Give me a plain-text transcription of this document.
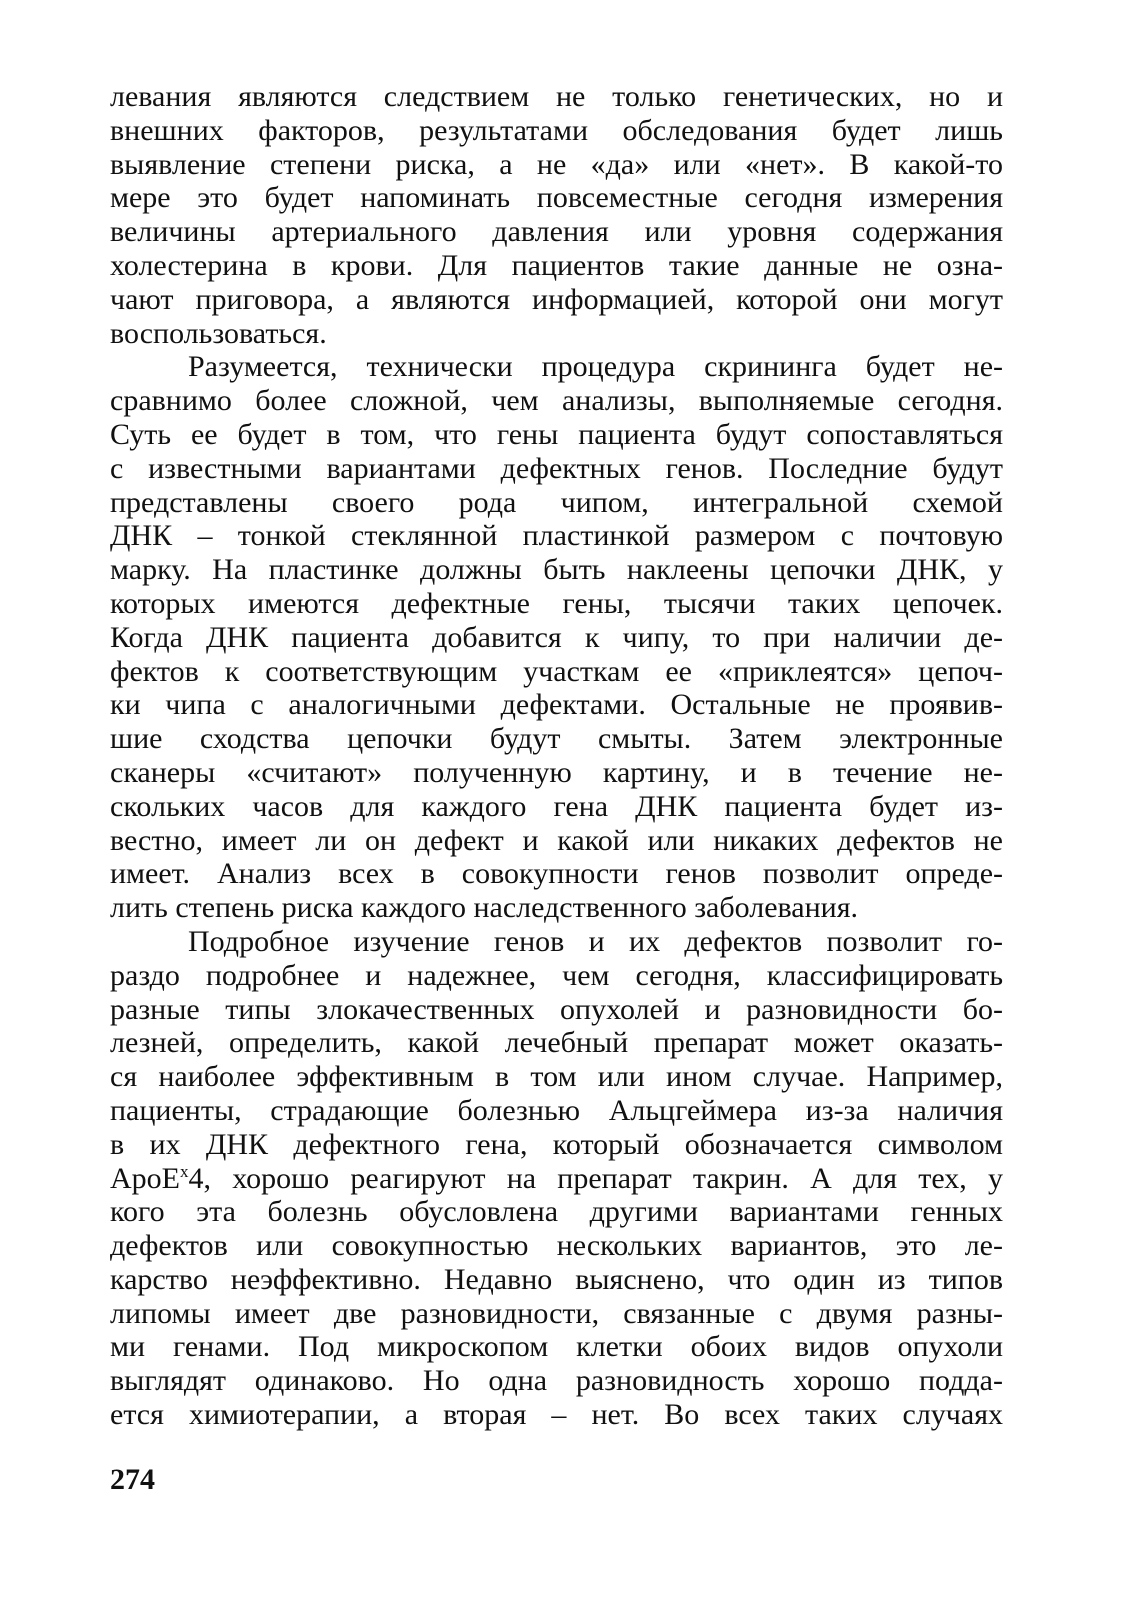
левания являются следствием не только генетических, но и
внешних факторов, результатами обследования будет лишь
выявление степени риска, а не «да» или «нет». В какой-то
мере это будет напоминать повсеместные сегодня измерения
величины артериального давления или уровня содержания
холестерина в крови. Для пациентов такие данные не озна-
чают приговора, а являются информацией, которой они могут
воспользоваться.
Разумеется, технически процедура скрининга будет не-
сравнимо более сложной, чем анализы, выполняемые сегодня.
Суть ее будет в том, что гены пациента будут сопоставляться
с известными вариантами дефектных генов. Последние будут
представлены своего рода чипом, интегральной схемой
ДНК – тонкой стеклянной пластинкой размером с почтовую
марку. На пластинке должны быть наклеены цепочки ДНК, у
которых имеются дефектные гены, тысячи таких цепочек.
Когда ДНК пациента добавится к чипу, то при наличии де-
фектов к соответствующим участкам ее «приклеятся» цепоч-
ки чипа с аналогичными дефектами. Остальные не проявив-
шие сходства цепочки будут смыты. Затем электронные
сканеры «считают» полученную картину, и в течение не-
скольких часов для каждого гена ДНК пациента будет из-
вестно, имеет ли он дефект и какой или никаких дефектов не
имеет. Анализ всех в совокупности генов позволит опреде-
лить степень риска каждого наследственного заболевания.
Подробное изучение генов и их дефектов позволит го-
раздо подробнее и надежнее, чем сегодня, классифицировать
разные типы злокачественных опухолей и разновидности бо-
лезней, определить, какой лечебный препарат может оказать-
ся наиболее эффективным в том или ином случае. Например,
пациенты, страдающие болезнью Альцгеймера из-за наличия
в их ДНК дефектного гена, который обозначается символом
ApoE$^x$4, хорошо реагируют на препарат такрин. А для тех, у
кого эта болезнь обусловлена другими вариантами генных
дефектов или совокупностью нескольких вариантов, это ле-
карство неэффективно. Недавно выяснено, что один из типов
липомы имеет две разновидности, связанные с двумя разны-
ми генами. Под микроскопом клетки обоих видов опухоли
выглядят одинаково. Но одна разновидность хорошо подда-
ется химиотерапии, а вторая – нет. Во всех таких случаях
274
